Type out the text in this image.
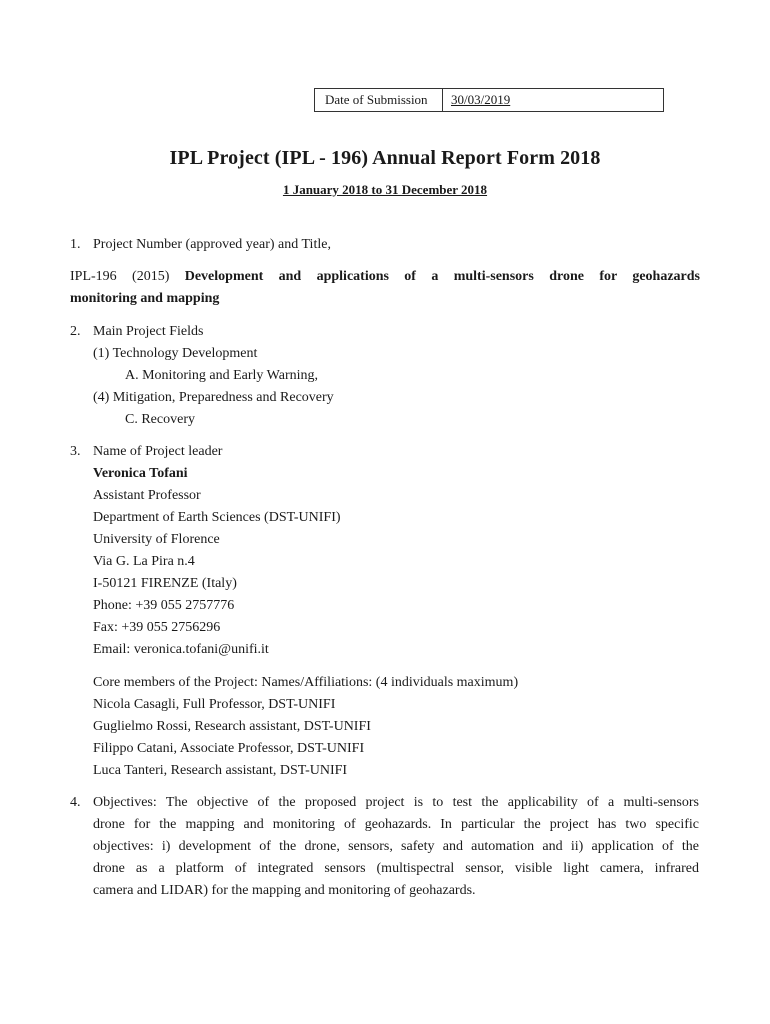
Date of Submission	30/03/2019
IPL Project (IPL - 196) Annual Report Form 2018
1 January 2018 to 31 December 2018
1. Project Number (approved year) and Title,
IPL-196 (2015) Development and applications of a multi-sensors drone for geohazards
monitoring and mapping
2. Main Project Fields
(1) Technology Development
A. Monitoring and Early Warning,
(4) Mitigation, Preparedness and Recovery
C. Recovery
3. Name of Project leader
Veronica Tofani
Assistant Professor
Department of Earth Sciences (DST-UNIFI)
University of Florence
Via G. La Pira n.4
I-50121 FIRENZE (Italy)
Phone: +39 055 2757776
Fax: +39 055 2756296
Email: veronica.tofani@unifi.it
Core members of the Project: Names/Affiliations: (4 individuals maximum)
Nicola Casagli, Full Professor, DST-UNIFI
Guglielmo Rossi, Research assistant, DST-UNIFI
Filippo Catani, Associate Professor, DST-UNIFI
Luca Tanteri, Research assistant, DST-UNIFI
4. Objectives: The objective of the proposed project is to test the applicability of a multi-sensors
drone for the mapping and monitoring of geohazards. In particular the project has two specific
objectives: i) development of the drone, sensors, safety and automation and ii) application of the
drone as a platform of integrated sensors (multispectral sensor, visible light camera, infrared
camera and LIDAR) for the mapping and monitoring of geohazards.
